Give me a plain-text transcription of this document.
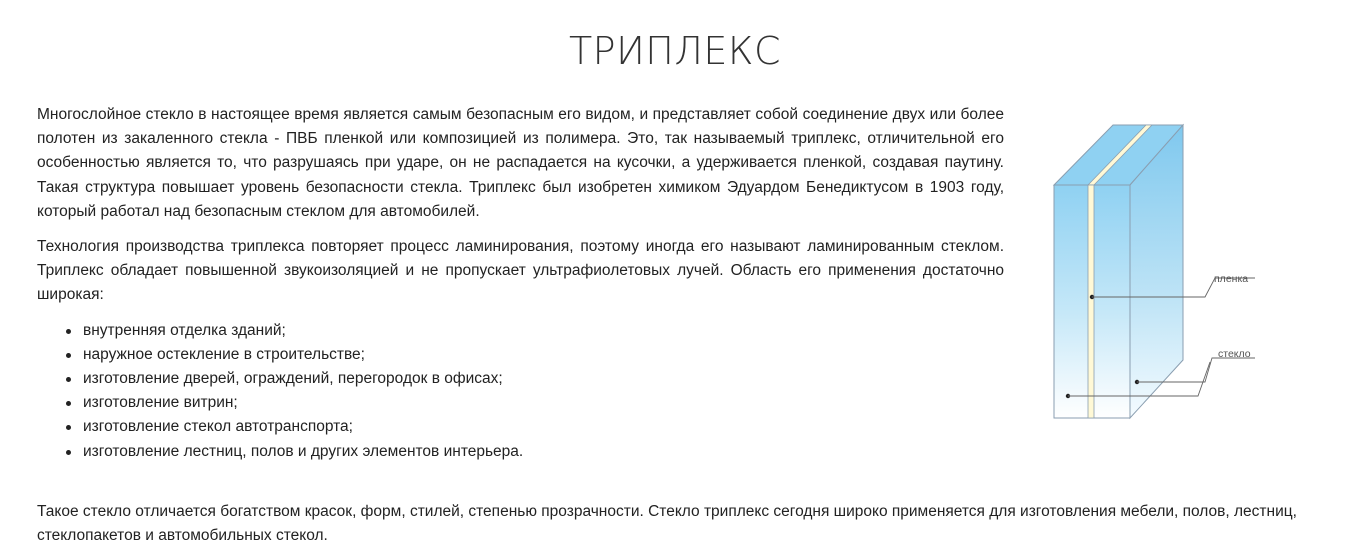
ТРИПЛЕКС

Многослойное стекло в настоящее время является самым безопасным его видом, и представляет собой соединение двух или более полотен из закаленного стекла - ПВБ пленкой или композицией из полимера. Это, так называемый триплекс, отличительной его особенностью является то, что разрушаясь при ударе, он не распадается на кусочки, а удерживается пленкой, создавая паутину. Такая структура повышает уровень безопасности стекла. Триплекс был изобретен химиком Эдуардом Бенедиктусом в 1903 году, который работал над безопасным стеклом для автомобилей.

Технология производства триплекса повторяет процесс ламинирования, поэтому иногда его называют ламинированным стеклом. Триплекс обладает повышенной звукоизоляцией и не пропускает ультрафиолетовых лучей. Область его применения достаточно широкая:

внутренняя отделка зданий;
наружное остекление в строительстве;
изготовление дверей, ограждений, перегородок в офисах;
изготовление витрин;
изготовление стекол автотранспорта;
изготовление лестниц, полов и других элементов интерьера.

Такое стекло отличается богатством красок, форм, стилей, степенью прозрачности. Стекло триплекс сегодня широко применяется для изготовления мебели, полов, лестниц, стеклопакетов и автомобильных стекол.

пленка
стекло
